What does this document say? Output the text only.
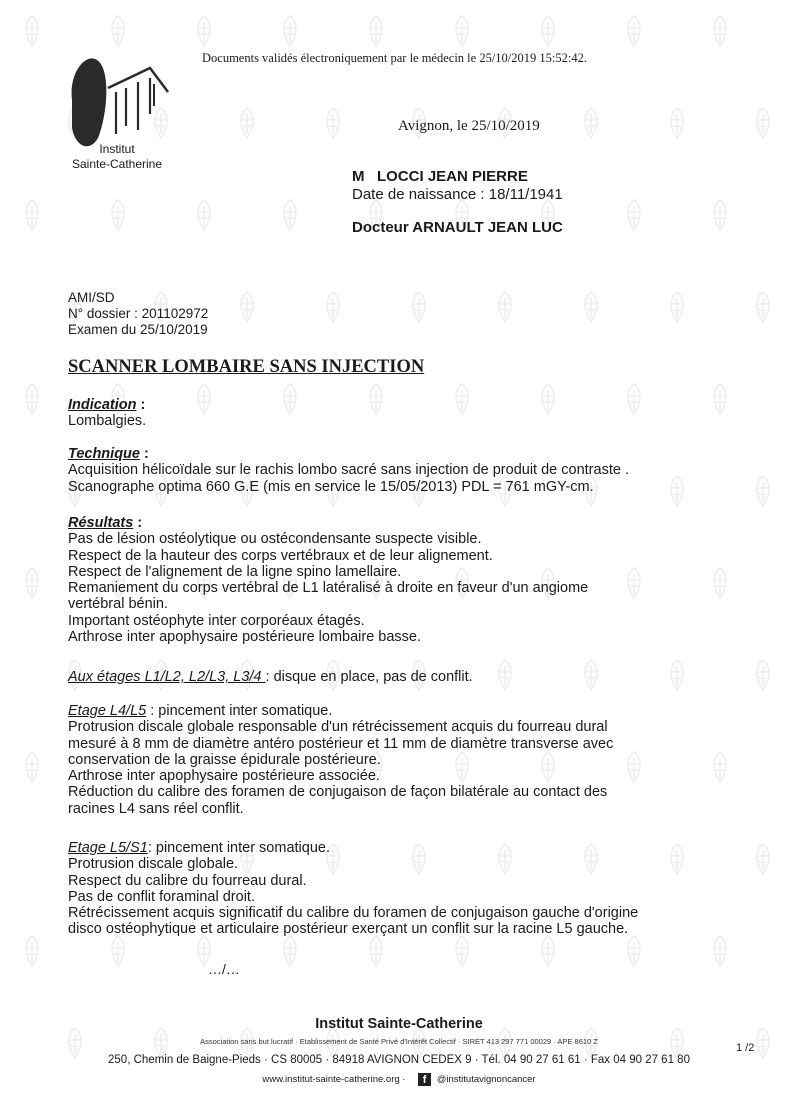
Documents validés électroniquement par le médecin le 25/10/2019 15:52:42.
Institut
Sainte-Catherine
Avignon, le 25/10/2019
M   LOCCI JEAN PIERRE
Date de naissance : 18/11/1941
Docteur ARNAULT JEAN LUC
AMI/SD
N° dossier : 201102972
Examen du 25/10/2019
SCANNER LOMBAIRE SANS INJECTION
Indication :
Lombalgies.
Technique :
Acquisition hélicoïdale sur le rachis lombo sacré sans injection de produit de contraste .
Scanographe optima 660 G.E (mis en service le 15/05/2013) PDL = 761 mGY-cm.
Résultats :
Pas de lésion ostéolytique ou ostécondensante suspecte visible.
Respect de la hauteur des corps vertébraux et de leur alignement.
Respect de l'alignement de la ligne spino lamellaire.
Remaniement du corps vertébral de L1 latéralisé à droite en faveur d'un angiome
vertébral bénin.
Important ostéophyte inter corporéaux étagés.
Arthrose inter apophysaire postérieure lombaire basse.
Aux étages L1/L2, L2/L3, L3/4 : disque en place, pas de conflit.
Etage L4/L5 : pincement inter somatique.
Protrusion discale globale responsable d'un rétrécissement acquis du fourreau dural
mesuré à 8 mm de diamètre antéro postérieur et 11 mm de diamètre transverse avec
conservation de la graisse épidurale postérieure.
Arthrose inter apophysaire postérieure associée.
Réduction du calibre des foramen de conjugaison de façon bilatérale au contact des
racines L4 sans réel conflit.
Etage L5/S1: pincement inter somatique.
Protrusion discale globale.
Respect du calibre du fourreau dural.
Pas de conflit foraminal droit.
Rétrécissement acquis significatif du calibre du foramen de conjugaison gauche d'origine
disco ostéophytique et articulaire postérieur exerçant un conflit sur la racine L5 gauche.
…/…
Institut Sainte-Catherine
Association sans but lucratif · Etablissement de Santé Privé d'Intérêt Collectif · SIRET 413 297 771 00029 · APE 8610 Z
250, Chemin de Baigne-Pieds · CS 80005 · 84918 AVIGNON CEDEX 9 · Tél. 04 90 27 61 61 · Fax 04 90 27 61 80
www.institut-sainte-catherine.org · f @institutavignoncancer
1 /2
